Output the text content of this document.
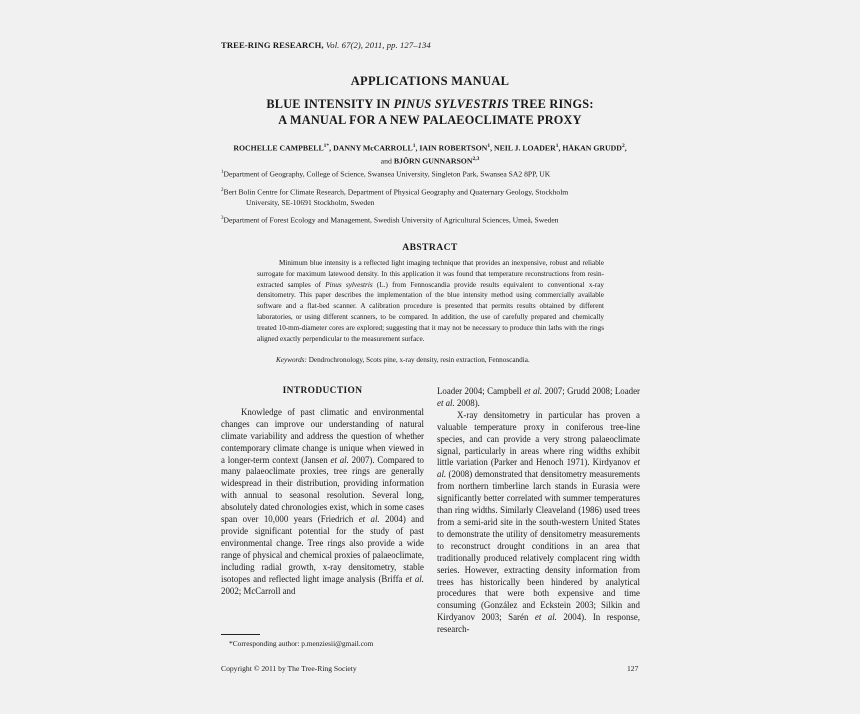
TREE-RING RESEARCH, Vol. 67(2), 2011, pp. 127–134

APPLICATIONS MANUAL

BLUE INTENSITY IN PINUS SYLVESTRIS TREE RINGS:
A MANUAL FOR A NEW PALAEOCLIMATE PROXY

ROCHELLE $CAMPBELL^{1*}$, DANNY McCARROLL$^1$, IAIN ROBERTSON$^1$, NEIL J. LOADER$^1$, HÅKAN GRUDD$^2$,
and BJÖRN GUNNARSON$^{2,3}$

$^1$Department of Geography, College of Science, Swansea University, Singleton Park, Swansea SA2 8PP, UK

$^2$Bert Bolin Centre for Climate Research, Department of Physical Geography and Quaternary Geology, Stockholm
University, SE-10691 Stockholm, Sweden

$^3$Department of Forest Ecology and Management, Swedish University of Agricultural Sciences, Umeå, Sweden

ABSTRACT

Minimum blue intensity is a reflected light imaging technique that provides an inexpensive, robust and reliable surrogate for maximum latewood density. In this application it was found that temperature reconstructions from resin-extracted samples of Pinus sylvestris (L.) from Fennoscandia provide results equivalent to conventional x-ray densitometry. This paper describes the implementation of the blue intensity method using commercially available software and a flat-bed scanner. A calibration procedure is presented that permits results obtained by different laboratories, or using different scanners, to be compared. In addition, the use of carefully prepared and chemically treated 10-mm-diameter cores are explored; suggesting that it may not be necessary to produce thin laths with the rings aligned exactly perpendicular to the measurement surface.

Keywords: Dendrochronology, Scots pine, x-ray density, resin extraction, Fennoscandia.

INTRODUCTION

Knowledge of past climatic and environmental changes can improve our understanding of natural climate variability and address the question of whether contemporary climate change is unique when viewed in a longer-term context (Jansen et al. 2007). Compared to many palaeoclimate proxies, tree rings are generally widespread in their distribution, providing information with annual to seasonal resolution. Several long, absolutely dated chronologies exist, which in some cases span over 10,000 years (Friedrich et al. 2004) and provide significant potential for the study of past environmental change. Tree rings also provide a wide range of physical and chemical proxies of palaeoclimate, including radial growth, x-ray densitometry, stable isotopes and reflected light image analysis (Briffa et al. 2002; McCarroll and

Loader 2004; Campbell et al. 2007; Grudd 2008; Loader et al. 2008).

X-ray densitometry in particular has proven a valuable temperature proxy in coniferous tree-line species, and can provide a very strong palaeoclimate signal, particularly in areas where ring widths exhibit little variation (Parker and Henoch 1971). Kirdyanov et al. (2008) demonstrated that densitometry measurements from northern timberline larch stands in Eurasia were significantly better correlated with summer temperatures than ring widths. Similarly Cleaveland (1986) used trees from a semi-arid site in the south-western United States to demonstrate the utility of densitometry measurements to reconstruct drought conditions in an area that traditionally produced relatively complacent ring width series. However, extracting density information from trees has historically been hindered by analytical procedures that were both expensive and time consuming (González and Eckstein 2003; Silkin and Kirdyanov 2003; Sarén et al. 2004). In response, research-

*Corresponding author: p.menziesii@gmail.com
Copyright © 2011 by The Tree-Ring Society	127
